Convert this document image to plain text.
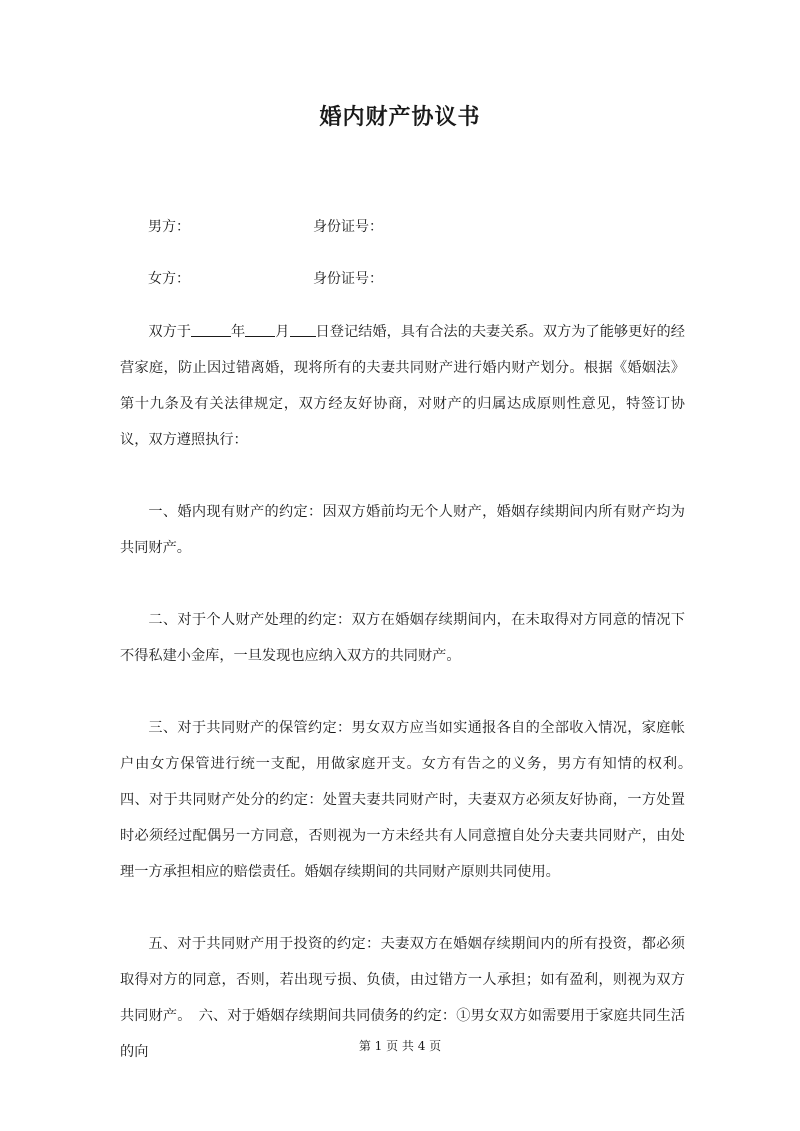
婚内财产协议书
男方：	身份证号：
女方：	身份证号：

双方于	年 月 日登记结婚，具有合法的夫妻关系。双方为了能够更好的经营家庭，防止因过错离婚，现将所有的夫妻共同财产进行婚内财产划分。根据《婚姻法》第十九条及有关法律规定，双方经友好协商，对财产的归属达成原则性意见，特签订协议，双方遵照执行：

一、婚内现有财产的约定：因双方婚前均无个人财产，婚姻存续期间内所有财产均为共同财产。

二、对于个人财产处理的约定：双方在婚姻存续期间内，在未取得对方同意的情况下不得私建小金库，一旦发现也应纳入双方的共同财产。

三、对于共同财产的保管约定：男女双方应当如实通报各自的全部收入情况，家庭帐户由女方保管进行统一支配，用做家庭开支。女方有告之的义务，男方有知情的权利。　　四、对于共同财产处分的约定：处置夫妻共同财产时，夫妻双方必须友好协商，一方处置时必须经过配偶另一方同意，否则视为一方未经共有人同意擅自处分夫妻共同财产，由处理一方承担相应的赔偿责任。婚姻存续期间的共同财产原则共同使用。

五、对于共同财产用于投资的约定：夫妻双方在婚姻存续期间内的所有投资，都必须取得对方的同意，否则，若出现亏损、负债，由过错方一人承担；如有盈利，则视为双方共同财产。　六、对于婚姻存续期间共同债务的约定：①男女双方如需要用于家庭共同生活的向	第 1 页 共 4 页
